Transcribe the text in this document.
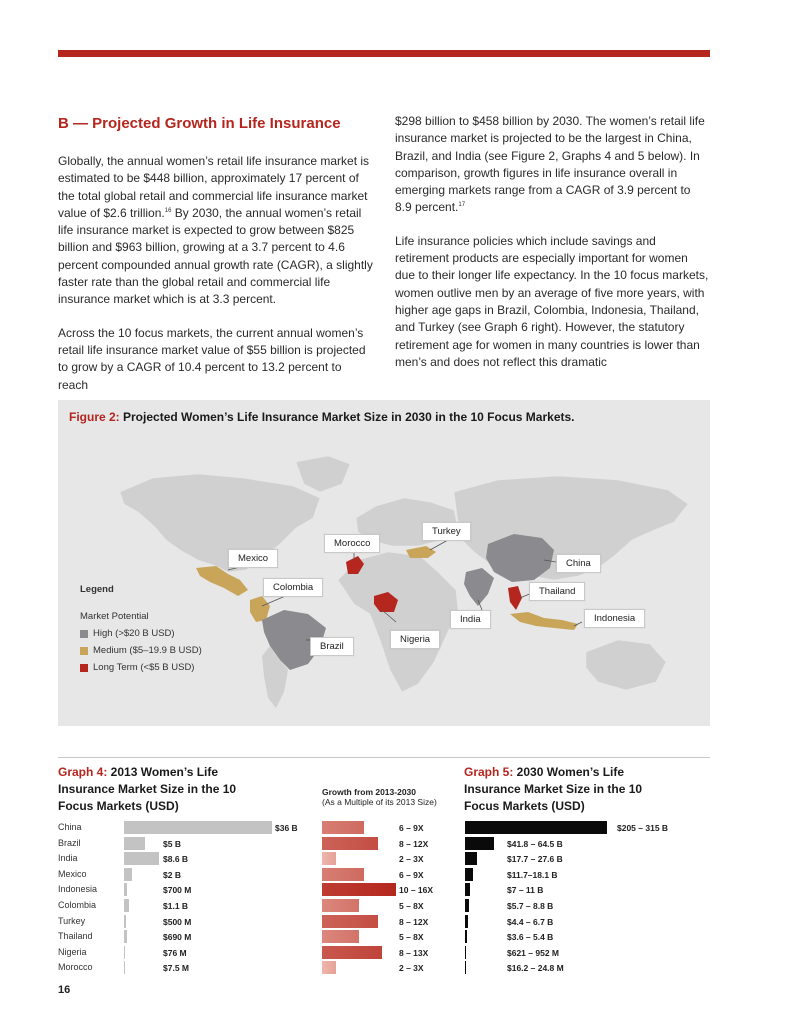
B — Projected Growth in Life Insurance

Globally, the annual women’s retail life insurance market is estimated to be $448 billion, approximately 17 percent of the total global retail and commercial life insurance market value of $2.6 trillion.$^{16}$ By 2030, the annual women’s retail life insurance market is expected to grow between $825 billion and $963 billion, growing at a 3.7 percent to 4.6 percent compounded annual growth rate (CAGR), a slightly faster rate than the global retail and commercial life insurance market which is at 3.3 percent.

Across the 10 focus markets, the current annual women’s retail life insurance market value of $55 billion is projected to grow by a CAGR of 10.4 percent to 13.2 percent to reach

$298 billion to $458 billion by 2030. The women’s retail life insurance market is projected to be the largest in China, Brazil, and India (see Figure 2, Graphs 4 and 5 below). In comparison, growth figures in life insurance overall in emerging markets range from a CAGR of 3.9 percent to 8.9 percent.$^{17}$

Life insurance policies which include savings and retirement products are especially important for women due to their longer life expectancy. In the 10 focus markets, women outlive men by an average of five more years, with higher age gaps in Brazil, Colombia, Indonesia, Thailand, and Turkey (see Graph 6 right). However, the statutory retirement age for women in many countries is lower than men’s and does not reflect this dramatic

Figure 2: Projected Women’s Life Insurance Market Size in 2030 in the 10 Focus Markets.
Mexico
Colombia
Brazil
Morocco
Turkey
Nigeria
India
China
Thailand
Indonesia
Legend
Market Potential
High (>$20 B USD)
Medium ($5–19.9 B USD)
Long Term (<$5 B USD)
Graph 4: 2013 Women’s Life Insurance Market Size in the 10 Focus Markets (USD)
Growth from 2013-2030
(As a Multiple of its 2013 Size)
Graph 5: 2030 Women’s Life Insurance Market Size in the 10 Focus Markets (USD)
China	$36 B	6 – 9X	$205 – 315 B
Brazil	$5 B	8 – 12X	$41.8 – 64.5 B
India	$8.6 B	2 – 3X	$17.7 – 27.6 B
Mexico	$2 B	6 – 9X	$11.7–18.1 B
Indonesia	$700 M	10 – 16X	$7 – 11 B
Colombia	$1.1 B	5 – 8X	$5.7 – 8.8 B
Turkey	$500 M	8 – 12X	$4.4 – 6.7 B
Thailand	$690 M	5 – 8X	$3.6 – 5.4 B
Nigeria	$76 M	8 – 13X	$621 – 952 M
Morocco	$7.5 M	2 – 3X	$16.2 – 24.8 M
16
